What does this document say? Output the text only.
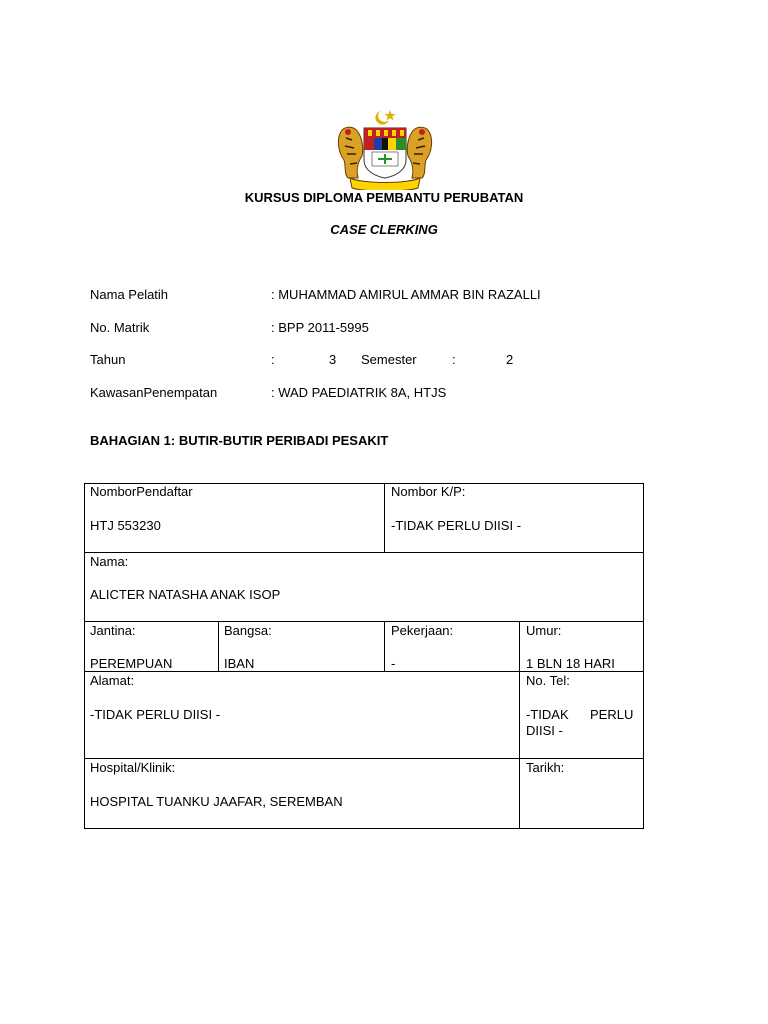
KURSUS DIPLOMA PEMBANTU PERUBATAN
CASE CLERKING
Nama Pelatih	: MUHAMMAD AMIRUL AMMAR BIN RAZALLI
No. Matrik	: BPP 2011-5995
Tahun	:	3 Semester	:	2
KawasanPenempatan	: WAD PAEDIATRIK 8A, HTJS
BAHAGIAN 1: BUTIR-BUTIR PERIBADI PESAKIT
NomborPendaftar
HTJ 553230
Nombor K/P:
-TIDAK PERLU DIISI -
Nama:
ALICTER NATASHA ANAK ISOP
Jantina:
PEREMPUAN
Bangsa:
IBAN
Pekerjaan:
-
Umur:
1 BLN 18 HARI
Alamat:
-TIDAK PERLU DIISI -
No. Tel:
-TIDAK PERLU
DIISI -
Hospital/Klinik:
HOSPITAL TUANKU JAAFAR, SEREMBAN
Tarikh:
